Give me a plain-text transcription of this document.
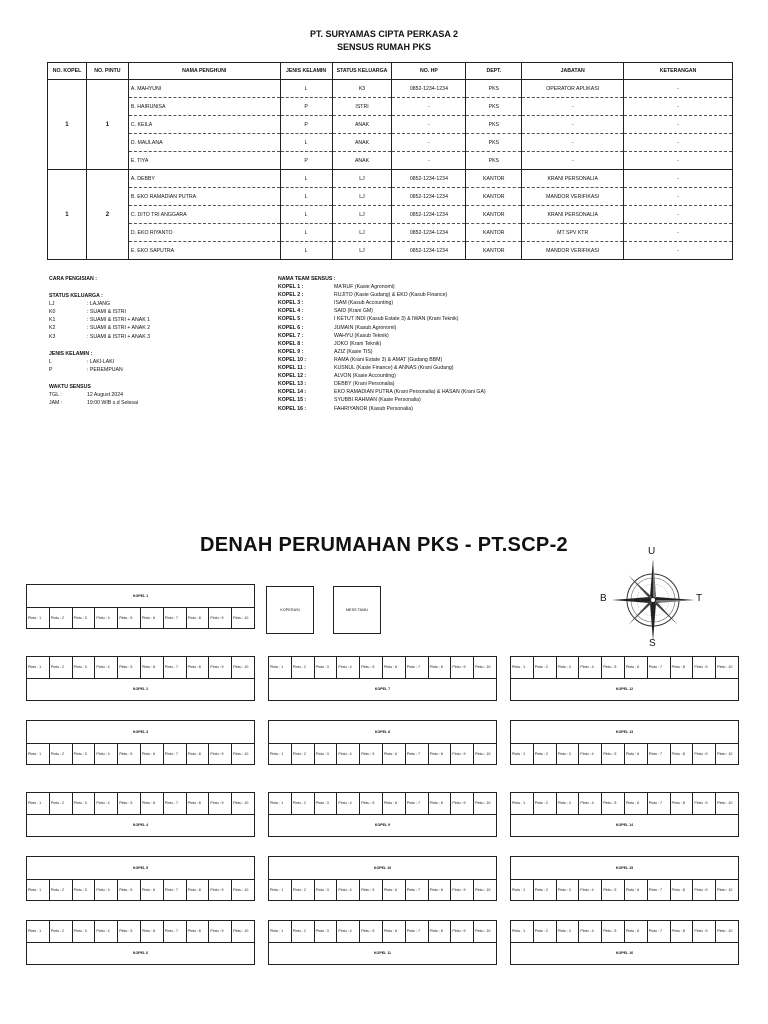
PT. SURYAMAS CIPTA PERKASA 2
SENSUS RUMAH PKS
NO. KOPEL	NO. PINTU	NAMA PENGHUNI	JENIS KELAMIN	STATUS KELUARGA	NO. HP	DEPT.	JABATAN	KETERANGAN
1	1	A. MAHYUNI	L	K3	0852-1234-1234	PKS	OPERATOR APLIKASI	-
		B. HAIRUNISA	P	ISTRI	-	PKS	-	-
		C. KEILA	P	ANAK	-	PKS	-	-
		D. MAULANA	L	ANAK	-	PKS	-	-
		E. TIYA	P	ANAK	-	PKS	-	-
1	2	A. DEBBY	L	LJ	0852-1234-1234	KANTOR	KRANI PERSONALIA	-
		B. EKO RAMADIAN PUTRA	L	LJ	0852-1234-1234	KANTOR	MANDOR VERIFIKASI	-
		C. DITO TRI ANGGARA	L	LJ	0852-1234-1234	KANTOR	KRANI PERSONALIA	-
		D. EKO RIYANTO	L	LJ	0852-1234-1234	KANTOR	MT SPV KTR	-
		E. EKO SAPUTRA	L	LJ	0852-1234-1234	KANTOR	MANDOR VERIFIKASI	-
CARA PENGISIAN :
STATUS KELUARGA :
LJ	: LAJANG
K0	: SUAMI & ISTRI
K1	: SUAMI & ISTRI + ANAK 1
K2	: SUAMI & ISTRI + ANAK 2
K3	: SUAMI & ISTRI + ANAK 3
JENIS KELAMIN :
L	: LAKI-LAKI
P	: PEREMPUAN
WAKTU SENSUS
TGL :	12 August 2024
JAM :	19:00 WIB s.d Selesai
NAMA TEAM SENSUS :
KOPEL 1 :	MA'RUF (Kasie Agronomi)
KOPEL 2 :	RUJITO (Kasie Gudang) & EKO (Kasub Finance)
KOPEL 3 :	ISAM (Kasub Accounting)
KOPEL 4 :	SAID (Krani GM)
KOPEL 5 :	I KETUT INDI (Kasub Estate 3) & IWAN (Krani Teknik)
KOPEL 6 :	JUMAIN (Kasub Agronomi)
KOPEL 7 :	WAHYU (Kasub Teknik)
KOPEL 8 :	JOKO (Krani Teknik)
KOPEL 9 :	AZIZ (Kasie TIS)
KOPEL 10 :	RAMA (Krani Estate 3) & AMAT (Gudang BBM)
KOPEL 11 :	KUSNUL (Kasie Finance) & ANNAS (Krani Gudang)
KOPEL 12 :	ALVON (Kasie Accounting)
KOPEL 13 :	DEBBY (Krani Personalia)
KOPEL 14 :	EKO RAMADIAN PUTRA (Krani Personalia) & HASAN (Krani GA)
KOPEL 15 :	SYUBBI RAHMAN (Kasie Personalia)
KOPEL 16 :	FAHRIYANOR (Kasub Personalia)
DENAH PERUMAHAN PKS - PT.SCP-2
KOPERASI	MESS TAMU
U
S
B	T
KOPEL 1
Pintu : 1	Pintu : 2	Pintu : 3	Pintu : 4	Pintu : 5	Pintu : 6	Pintu : 7	Pintu : 8	Pintu : 9	Pintu : 10
KOPEL 2
Pintu : 1	Pintu : 2	Pintu : 3	Pintu : 4	Pintu : 5	Pintu : 6	Pintu : 7	Pintu : 8	Pintu : 9	Pintu : 10
KOPEL 7
Pintu : 1	Pintu : 2	Pintu : 3	Pintu : 4	Pintu : 5	Pintu : 6	Pintu : 7	Pintu : 8	Pintu : 9	Pintu : 10
KOPEL 12
Pintu : 1	Pintu : 2	Pintu : 3	Pintu : 4	Pintu : 5	Pintu : 6	Pintu : 7	Pintu : 8	Pintu : 9	Pintu : 10
KOPEL 3
Pintu : 1	Pintu : 2	Pintu : 3	Pintu : 4	Pintu : 5	Pintu : 6	Pintu : 7	Pintu : 8	Pintu : 9	Pintu : 10
KOPEL 8
Pintu : 1	Pintu : 2	Pintu : 3	Pintu : 4	Pintu : 5	Pintu : 6	Pintu : 7	Pintu : 8	Pintu : 9	Pintu : 10
KOPEL 13
Pintu : 1	Pintu : 2	Pintu : 3	Pintu : 4	Pintu : 5	Pintu : 6	Pintu : 7	Pintu : 8	Pintu : 9	Pintu : 10
KOPEL 4
Pintu : 1	Pintu : 2	Pintu : 3	Pintu : 4	Pintu : 5	Pintu : 6	Pintu : 7	Pintu : 8	Pintu : 9	Pintu : 10
KOPEL 9
Pintu : 1	Pintu : 2	Pintu : 3	Pintu : 4	Pintu : 5	Pintu : 6	Pintu : 7	Pintu : 8	Pintu : 9	Pintu : 10
KOPEL 14
Pintu : 1	Pintu : 2	Pintu : 3	Pintu : 4	Pintu : 5	Pintu : 6	Pintu : 7	Pintu : 8	Pintu : 9	Pintu : 10
KOPEL 5
Pintu : 1	Pintu : 2	Pintu : 3	Pintu : 4	Pintu : 5	Pintu : 6	Pintu : 7	Pintu : 8	Pintu : 9	Pintu : 10
KOPEL 10
Pintu : 1	Pintu : 2	Pintu : 3	Pintu : 4	Pintu : 5	Pintu : 6	Pintu : 7	Pintu : 8	Pintu : 9	Pintu : 10
KOPEL 15
Pintu : 1	Pintu : 2	Pintu : 3	Pintu : 4	Pintu : 5	Pintu : 6	Pintu : 7	Pintu : 8	Pintu : 9	Pintu : 10
KOPEL 6
Pintu : 1	Pintu : 2	Pintu : 3	Pintu : 4	Pintu : 5	Pintu : 6	Pintu : 7	Pintu : 8	Pintu : 9	Pintu : 10
KOPEL 11
Pintu : 1	Pintu : 2	Pintu : 3	Pintu : 4	Pintu : 5	Pintu : 6	Pintu : 7	Pintu : 8	Pintu : 9	Pintu : 10
KOPEL 16
Pintu : 1	Pintu : 2	Pintu : 3	Pintu : 4	Pintu : 5	Pintu : 6	Pintu : 7	Pintu : 8	Pintu : 9	Pintu : 10
